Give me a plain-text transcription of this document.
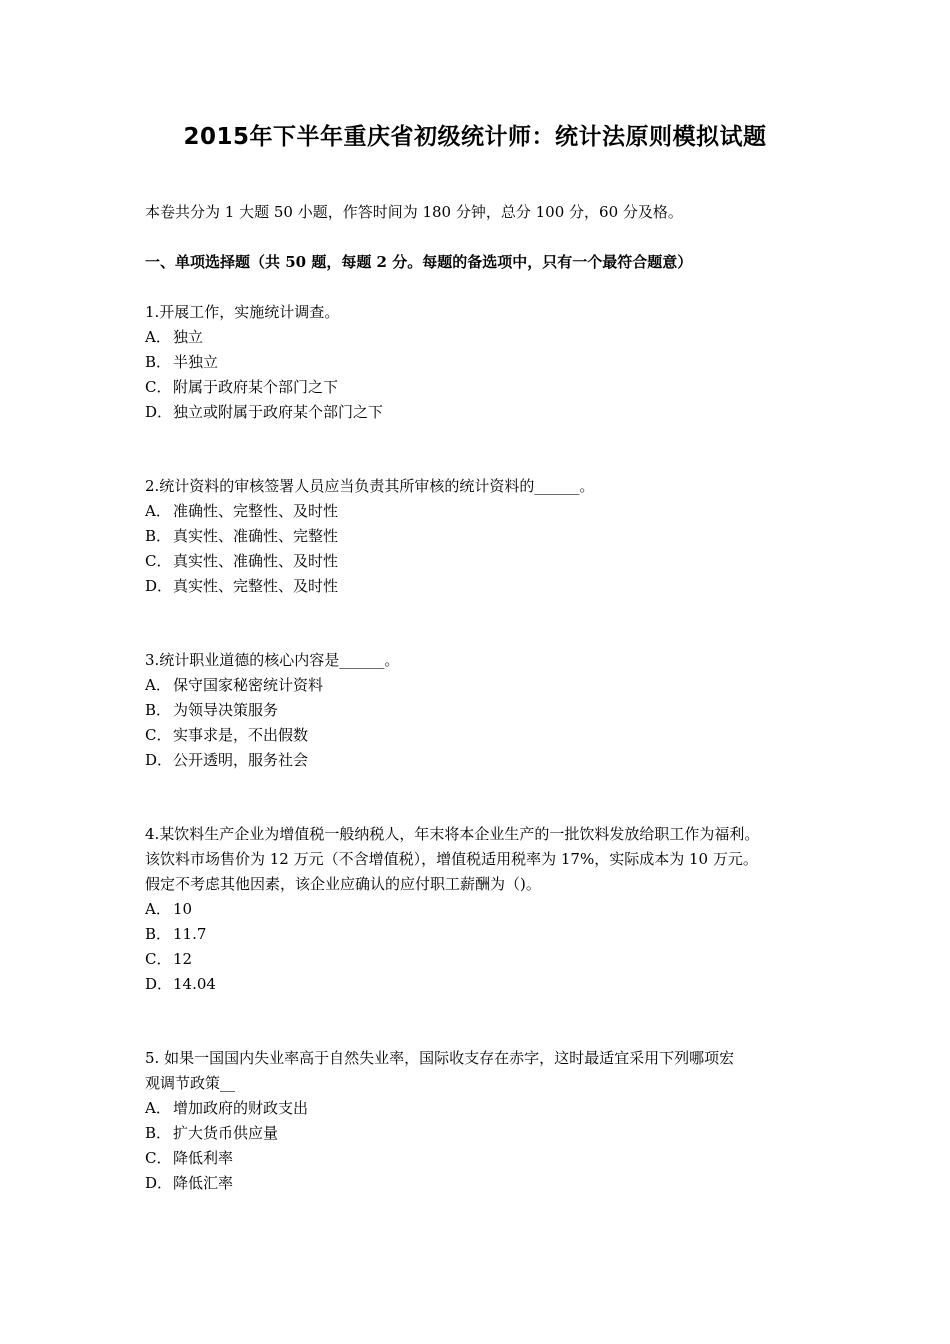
2015年下半年重庆省初级统计师：统计法原则模拟试题

本卷共分为 1 大题 50 小题，作答时间为 180 分钟，总分 100 分，60 分及格。

一、单项选择题（共 50 题，每题 2 分。每题的备选项中，只有一个最符合题意）

1.开展工作，实施统计调查。

A． 独立
B． 半独立
C． 附属于政府某个部门之下
D．独立或附属于政府某个部门之下

2.统计资料的审核签署人员应当负责其所审核的统计资料的______。

A． 准确性、完整性、及时性
B． 真实性、准确性、完整性
C． 真实性、准确性、及时性
D．真实性、完整性、及时性

3.统计职业道德的核心内容是______。

A． 保守国家秘密统计资料
B． 为领导决策服务
C． 实事求是，不出假数
D．公开透明，服务社会

4.某饮料生产企业为增值税一般纳税人，年末将本企业生产的一批饮料发放给职工作为福利。
该饮料市场售价为 12 万元（不含增值税），增值税适用税率为 17%，实际成本为 10 万元。
假定不考虑其他因素，该企业应确认的应付职工薪酬为（)。

A． 10
B． 11.7
C． 12
D．14.04

5. 如果一国国内失业率高于自然失业率，国际收支存在赤字，这时最适宜采用下列哪项宏
观调节政策__

A． 增加政府的财政支出
B． 扩大货币供应量
C． 降低利率
D．降低汇率
